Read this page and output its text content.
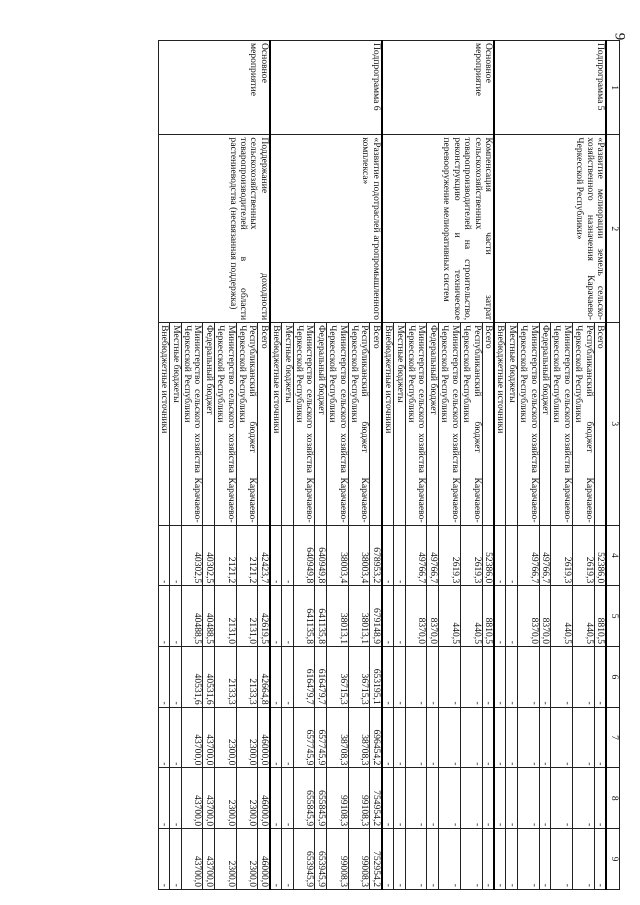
9
1	2	3	4	5	6	7	8	9
Подпрограмма 5	«Развитие мелиорации земель сельско-хозяйственного назначения Карачаево-Черкесской Республики»	Всего	52386,0	8810,5	-	-	-	-
		Республиканский бюджет Карачаево-Черкесской Республики	2619,3	440,5	-	-	-	-
		Министерство сельского хозяйства Карачаево-Черкесской Республики	2619,3	440,5	-	-	-	-
		Федеральный бюджет	49766,7	8370,0	-	-	-	-
		Министерство сельского хозяйства Карачаево-Черкесской Республики	49766,7	8370,0	-	-	-	-
		Местные бюджеты	-	-	-	-	-	-
		Внебюджетные источники	-	-	-	-	-	-
Основное мероприятие	Компенсация части затрат сельскохозяйственных товаропроизводителей на строительство, реконструкцию и техническое перевооружение мелиоративных систем	Всего	52386,0	8810,5	-	-	-	-
		Республиканский бюджет Карачаево-Черкесской Республики	2619,3	440,5	-	-	-	-
		Министерство сельского хозяйства Карачаево-Черкесской Республики	2619,3	440,5	-	-	-	-
		Федеральный бюджет	49766,7	8370,0	-	-	-	-
		Министерство сельского хозяйства Карачаево-Черкесской Республики	49766,7	8370,0	-	-	-	-
		Местные бюджеты	-	-	-	-	-	-
		Внебюджетные источники	-	-	-	-	-	-
Подпрограмма 6	«Развитие подотраслей агропромышленного комплекса»	Всего	678953,2	679148,9	653195,1	696454,2	754954,2	752954,2
		Республиканский бюджет Карачаево-Черкесской Республики	38003,4	38013,1	36715,3	38708,3	99108,3	99008,3
		Министерство сельского хозяйства Карачаево-Черкесской Республики	38003,4	38013,1	36715,3	38708,3	99108,3	99008,3
		Федеральный бюджет	640949,8	641135,8	616479,7	657745,9	655845,9	653945,9
		Министерство сельского хозяйства Карачаево-Черкесской Республики	640949,8	641135,8	616479,7	657745,9	655845,9	653945,9
		Местные бюджеты	-	-	-	-	-	-
		Внебюджетные источники	-	-	-	-	-	-
Основное мероприятие	Поддержание доходности сельскохозяйственных товаропроизводителей в области растениеводства (несвязанная поддержка)	Всего	42423,7	42619,5	42664,8	46000,0	46000,0	46000,0
		Республиканский бюджет Карачаево-Черкесской Республики	2121,2	2131,0	2133,3	2300,0	2300,0	2300,0
		Министерство сельского хозяйства Карачаево-Черкесской Республики	2121,2	2131,0	2133,3	2300,0	2300,0	2300,0
		Федеральный бюджет	40302,5	40488,5	40531,6	43700,0	43700,0	43700,0
		Министерство сельского хозяйства Карачаево-Черкесской Республики	40302,5	40488,5	40531,6	43700,0	43700,0	43700,0
		Местные бюджеты	-	-	-	-	-	-
		Внебюджетные источники	-	-	-	-	-	-
